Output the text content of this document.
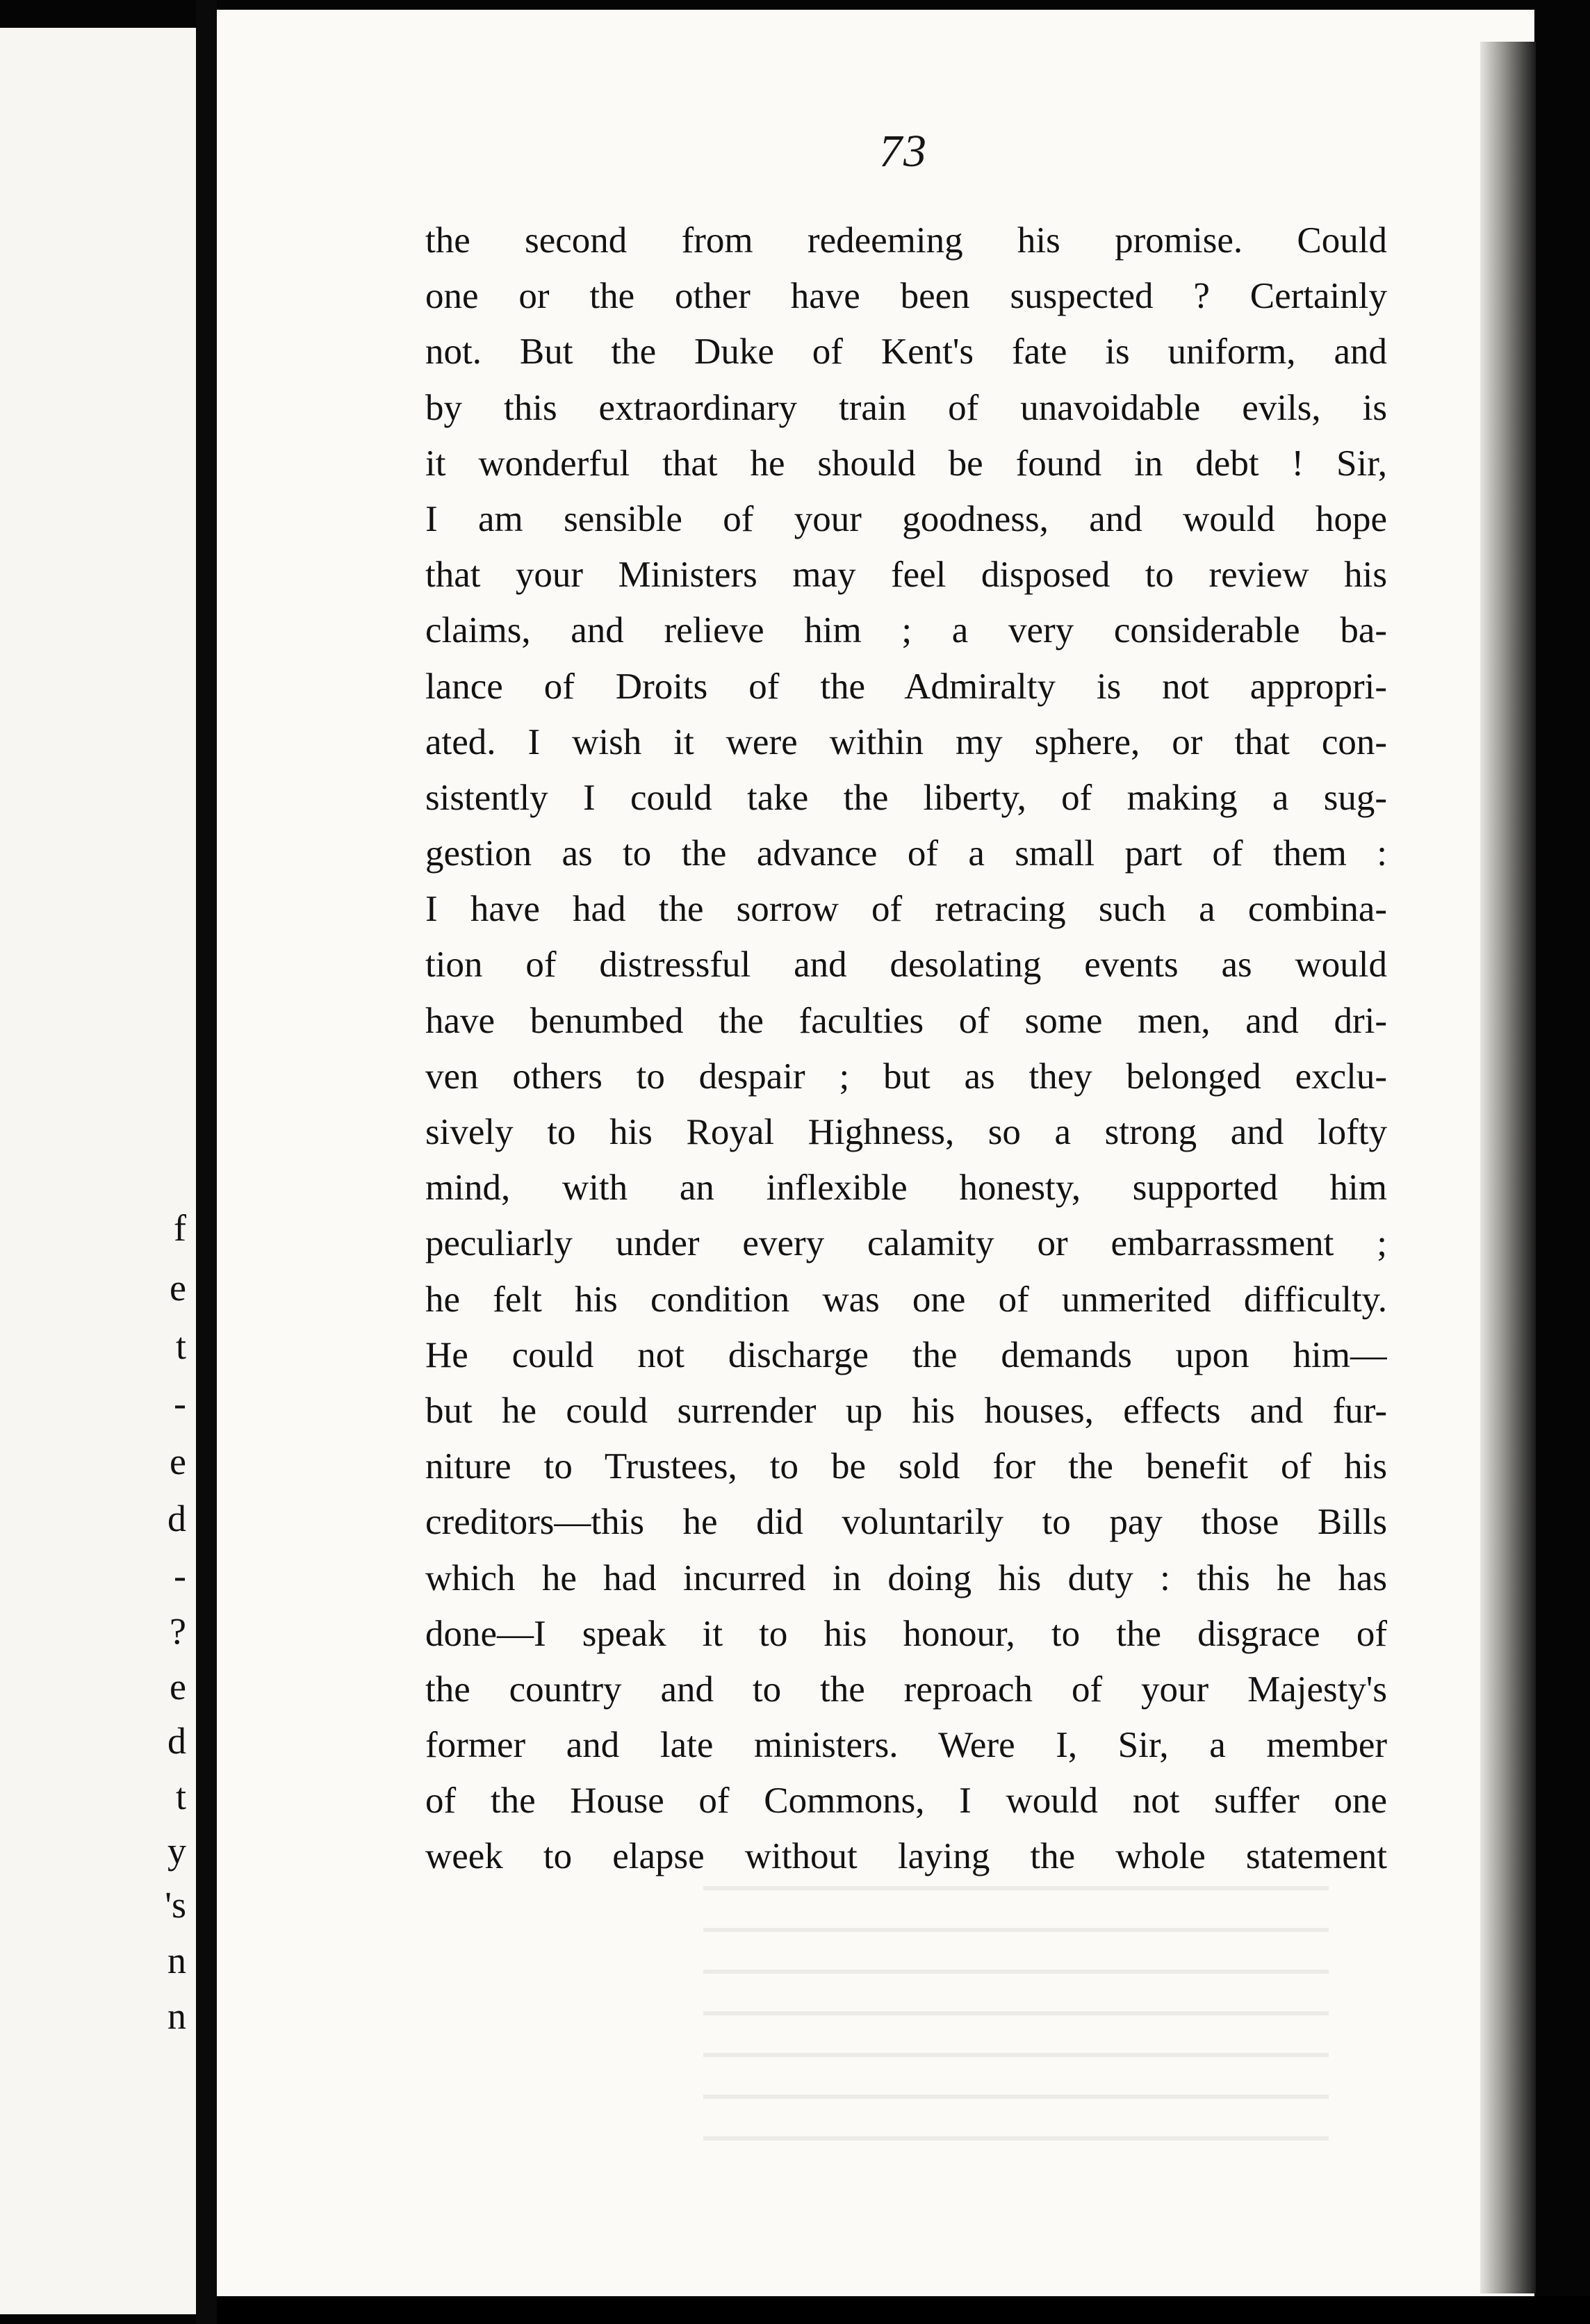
f
e
t
-
e
d
-
?
e
d
t
y
's
n
n
73
the second from redeeming his promise. Could
one or the other have been suspected ? Certainly
not. But the Duke of Kent's fate is uniform, and
by this extraordinary train of unavoidable evils, is
it wonderful that he should be found in debt ! Sir,
I am sensible of your goodness, and would hope
that your Ministers may feel disposed to review his
claims, and relieve him ; a very considerable ba-
lance of Droits of the Admiralty is not appropri-
ated. I wish it were within my sphere, or that con-
sistently I could take the liberty, of making a sug-
gestion as to the advance of a small part of them :
I have had the sorrow of retracing such a combina-
tion of distressful and desolating events as would
have benumbed the faculties of some men, and dri-
ven others to despair ; but as they belonged exclu-
sively to his Royal Highness, so a strong and lofty
mind, with an inflexible honesty, supported him
peculiarly under every calamity or embarrassment ;
he felt his condition was one of unmerited difficulty.
He could not discharge the demands upon him—
but he could surrender up his houses, effects and fur-
niture to Trustees, to be sold for the benefit of his
creditors—this he did voluntarily to pay those Bills
which he had incurred in doing his duty : this he has
done—I speak it to his honour, to the disgrace of
the country and to the reproach of your Majesty's
former and late ministers. Were I, Sir, a member
of the House of Commons, I would not suffer one
week to elapse without laying the whole statement
